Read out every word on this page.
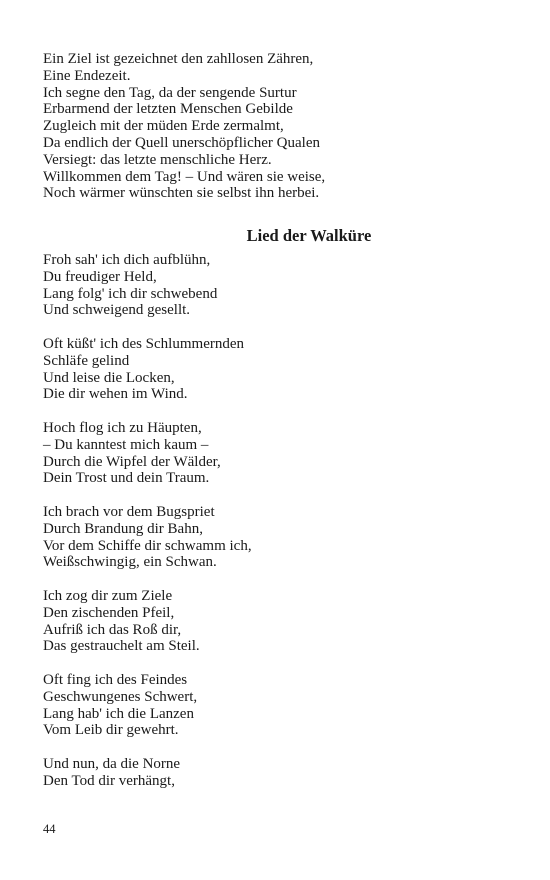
Ein Ziel ist gezeichnet den zahllosen Zähren,
Eine Endezeit.
Ich segne den Tag, da der sengende Surtur
Erbarmend der letzten Menschen Gebilde
Zugleich mit der müden Erde zermalmt,
Da endlich der Quell unerschöpflicher Qualen
Versiegt: das letzte menschliche Herz.
Willkommen dem Tag! – Und wären sie weise,
Noch wärmer wünschten sie selbst ihn herbei.
Lied der Walküre
Froh sah' ich dich aufblühn,
Du freudiger Held,
Lang folg' ich dir schwebend
Und schweigend gesellt.
Oft küßt' ich des Schlummernden
Schläfe gelind
Und leise die Locken,
Die dir wehen im Wind.
Hoch flog ich zu Häupten,
– Du kanntest mich kaum –
Durch die Wipfel der Wälder,
Dein Trost und dein Traum.
Ich brach vor dem Bugspriet
Durch Brandung dir Bahn,
Vor dem Schiffe dir schwamm ich,
Weißschwingig, ein Schwan.
Ich zog dir zum Ziele
Den zischenden Pfeil,
Aufriß ich das Roß dir,
Das gestrauchelt am Steil.
Oft fing ich des Feindes
Geschwungenes Schwert,
Lang hab' ich die Lanzen
Vom Leib dir gewehrt.
Und nun, da die Norne
Den Tod dir verhängt,
44
